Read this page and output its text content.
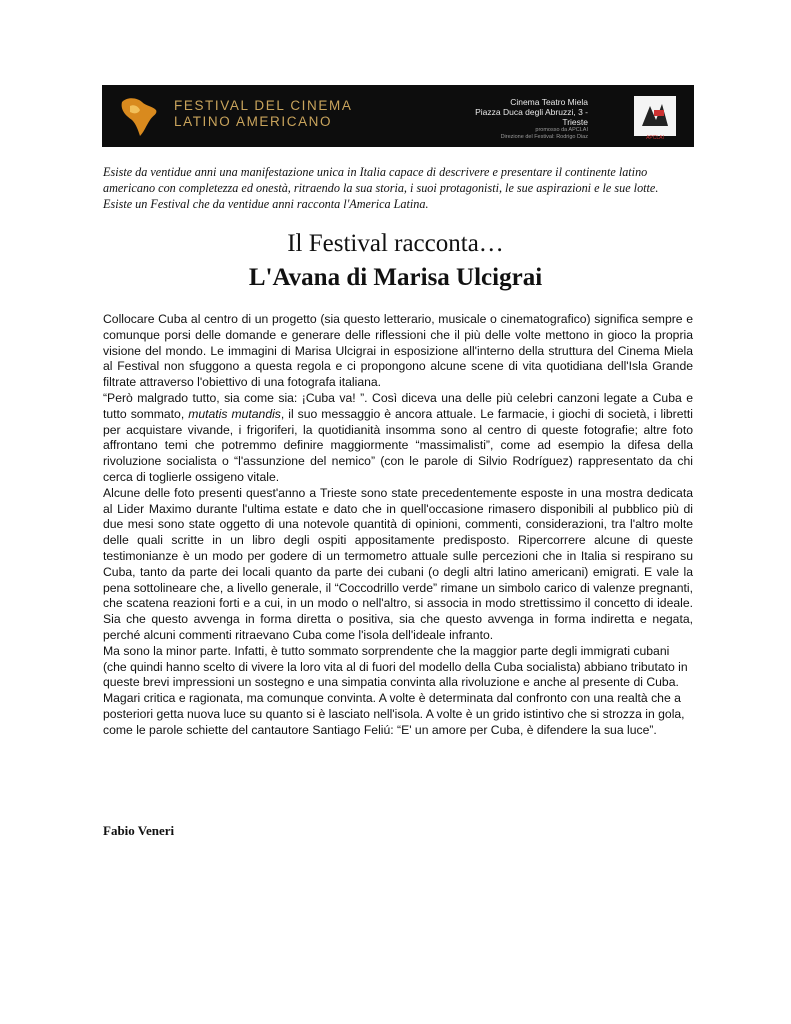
FESTIVAL DEL CINEMA
LATINO AMERICANO
Cinema Teatro Miela
Piazza Duca degli Abruzzi, 3 -
Trieste
promosso da APCLAI
Direzione del Festival: Rodrigo Diaz	APCLAI

Esiste da ventidue anni una manifestazione unica in Italia capace di descrivere e presentare il continente latino americano con completezza ed onestà, ritraendo la sua storia, i suoi protagonisti, le sue aspirazioni e le sue lotte.

Esiste un Festival che da ventidue anni racconta l'America Latina.

Il Festival racconta…
L'Avana di Marisa Ulcigrai

Collocare Cuba al centro di un progetto (sia questo letterario, musicale o cinematografico) significa sempre e comunque porsi delle domande e generare delle riflessioni che il più delle volte mettono in gioco la propria visione del mondo. Le immagini di Marisa Ulcigrai in esposizione all'interno della struttura del Cinema Miela al Festival non sfuggono a questa regola e ci propongono alcune scene di vita quotidiana dell'Isla Grande filtrate attraverso l'obiettivo di una fotografa italiana.

“Però malgrado tutto, sia come sia: ¡Cuba va! ”. Così diceva una delle più celebri canzoni legate a Cuba e tutto sommato, mutatis mutandis, il suo messaggio è ancora attuale. Le farmacie, i giochi di società, i libretti per acquistare vivande, i frigoriferi, la quotidianità insomma sono al centro di queste fotografie; altre foto affrontano temi che potremmo definire maggiormente “massimalisti”, come ad esempio la difesa della rivoluzione socialista o “l'assunzione del nemico” (con le parole di Silvio Rodríguez) rappresentato da chi cerca di toglierle ossigeno vitale.

Alcune delle foto presenti quest'anno a Trieste sono state precedentemente esposte in una mostra dedicata al Lider Maximo durante l'ultima estate e dato che in quell'occasione rimasero disponibili al pubblico più di due mesi sono state oggetto di una notevole quantità di opinioni, commenti, considerazioni, tra l'altro molte delle quali scritte in un libro degli ospiti appositamente predisposto. Ripercorrere alcune di queste testimonianze è un modo per godere di un termometro attuale sulle percezioni che in Italia si respirano su Cuba, tanto da parte dei locali quanto da parte dei cubani (o degli altri latino americani) emigrati. E vale la pena sottolineare che, a livello generale, il “Coccodrillo verde” rimane un simbolo carico di valenze pregnanti, che scatena reazioni forti e a cui, in un modo o nell'altro, si associa in modo strettissimo il concetto di ideale. Sia che questo avvenga in forma diretta o positiva, sia che questo avvenga in forma indiretta e negata, perché alcuni commenti ritraevano Cuba come l'isola dell'ideale infranto.

Ma sono la minor parte. Infatti, è tutto sommato sorprendente che la maggior parte degli immigrati cubani (che quindi hanno scelto di vivere la loro vita al di fuori del modello della Cuba socialista) abbiano tributato in queste brevi impressioni un sostegno e una simpatia convinta alla rivoluzione e anche al presente di Cuba. Magari critica e ragionata, ma comunque convinta. A volte è determinata dal confronto con una realtà che a posteriori getta nuova luce su quanto si è lasciato nell'isola. A volte è un grido istintivo che si strozza in gola, come le parole schiette del cantautore Santiago Feliú: “E' un amore per Cuba, è difendere la sua luce”.

Fabio Veneri
